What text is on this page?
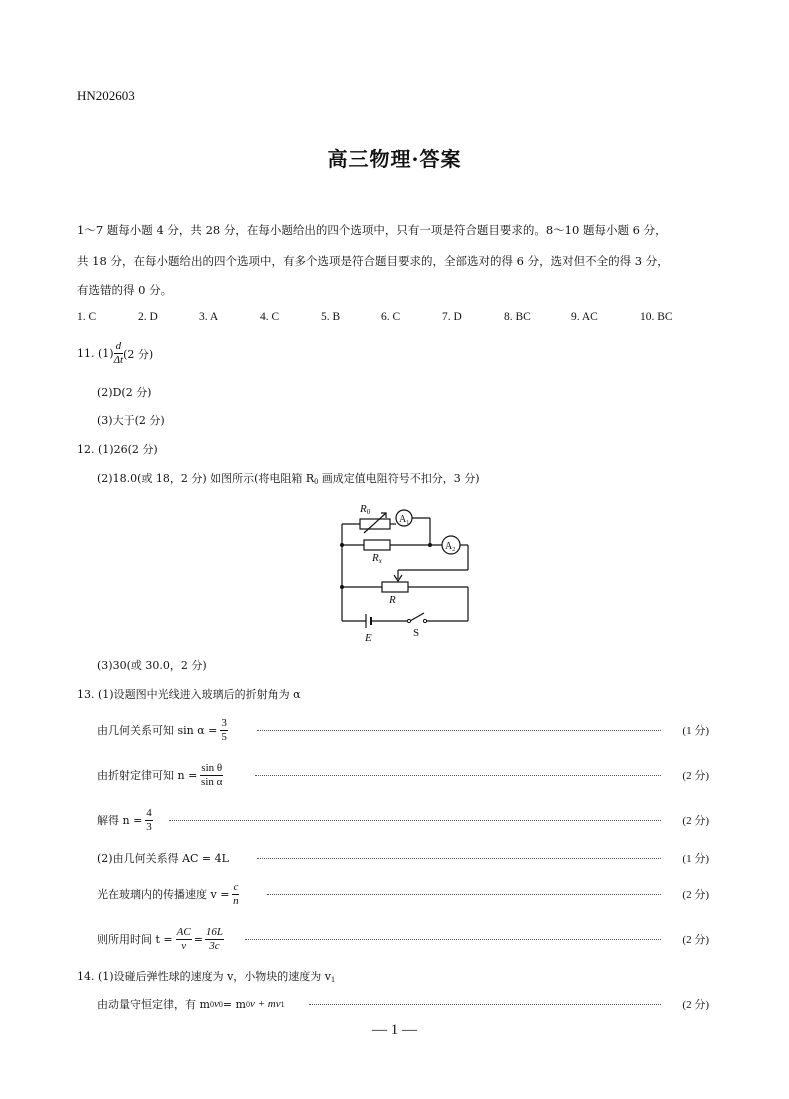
HN202603
高三物理·答案
1～7 题每小题 4 分，共 28 分，在每小题给出的四个选项中，只有一项是符合题目要求的。8～10 题每小题 6 分，
共 18 分，在每小题给出的四个选项中，有多个选项是符合题目要求的，全部选对的得 6 分，选对但不全的得 3 分，
有选错的得 0 分。
1. C	2. D	3. A	4. C	5. B	6. C	7. D	8. BC	9. AC	10. BC
11. $(1) \frac{d}{\Delta t} (2$ 分)
(2)D(2 分)
(3)大于(2 分)
12. (1)26(2 分)
(2)18.0(或 18，2 分) 如图所示(将电阻箱 $R_0$ 画成定值电阻符号不扣分，3 分)
R0
$A_1$
$A_2$
Rx
R
E	S
(3)30(或 30.0，2 分)
13. (1)设题图中光线进入玻璃后的折射角为 α
由几何关系可知 $\sin \alpha = \frac{3}{5}$	(1 分)
由折射定律可知 $n = \frac{\text{sin θ}}{\text{sin α}}$	(2 分)
解得 $n = \frac{4}{3}$	(2 分)
(2)由几何关系得 AC = 4L	(1 分)
光在玻璃内的传播速度 $v = \frac{c}{n}$	(2 分)
则所用时间 $t = \frac{AC}{v} = \frac{16L}{3c}$	(2 分)
14. (1)设碰后弹性球的速度为 v，小物块的速度为 $v_1$
由动量守恒定律，有 m 0 v 0 = m 0 v + mv 1	(2 分)
— 1 —
